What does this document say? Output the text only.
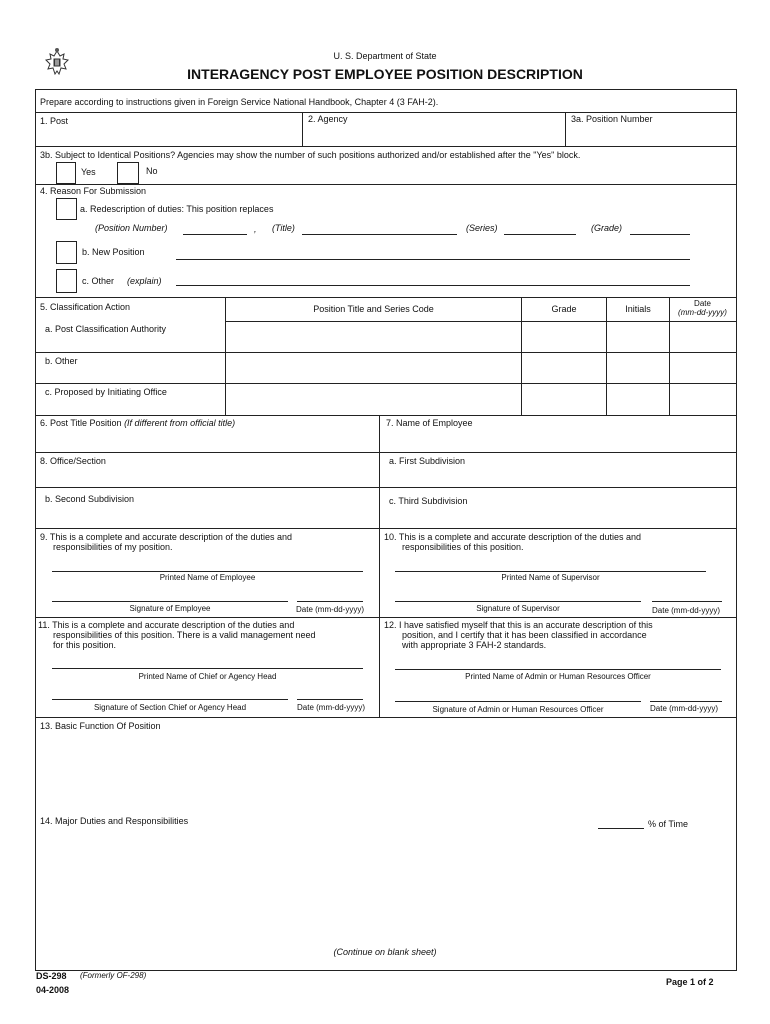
U. S. Department of State
INTERAGENCY POST EMPLOYEE POSITION DESCRIPTION
Prepare according to instructions given in Foreign Service National Handbook, Chapter 4 (3 FAH-2).
1. Post	2. Agency	3a. Position Number
3b. Subject to Identical Positions? Agencies may show the number of such positions authorized and/or established after the "Yes" block.
Yes	No
4. Reason For Submission
a. Redescription of duties: This position replaces
(Position Number)	, (Title)	(Series)	(Grade)
b. New Position
c. Other (explain)
5. Classification Action	Position Title and Series Code	Grade	Initials
Date
(mm-dd-yyyy)
a. Post Classification Authority
b. Other
c. Proposed by Initiating Office
6. Post Title Position (If different from official title)	7. Name of Employee
8. Office/Section	a. First Subdivision
b. Second Subdivision	c. Third Subdivision
9. This is a complete and accurate description of the duties and
responsibilities of my position.
Printed Name of Employee
Signature of Employee	Date (mm-dd-yyyy)
10. This is a complete and accurate description of the duties and
responsibilities of this position.
Printed Name of Supervisor
Signature of Supervisor	Date (mm-dd-yyyy)
11. This is a complete and accurate description of the duties and
responsibilities of this position. There is a valid management need
for this position.
Printed Name of Chief or Agency Head
Signature of Section Chief or Agency Head	Date (mm-dd-yyyy)
12. I have satisfied myself that this is an accurate description of this
position, and I certify that it has been classified in accordance
with appropriate 3 FAH-2 standards.
Printed Name of Admin or Human Resources Officer
Signature of Admin or Human Resources Officer	Date (mm-dd-yyyy)
13. Basic Function Of Position
14. Major Duties and Responsibilities	% of Time
(Continue on blank sheet)
DS-298 (Formerly OF-298)
04-2008
Page 1 of 2
